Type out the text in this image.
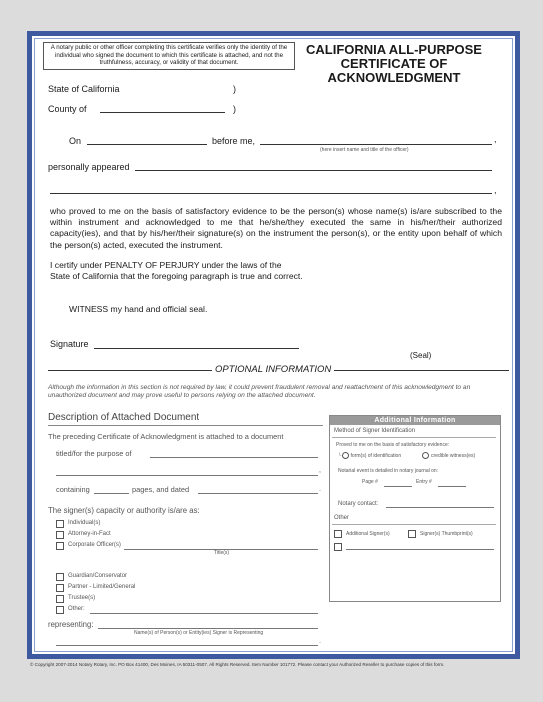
A notary public or other officer completing this certificate verifies only the identity of the individual who signed the document to which this certificate is attached, and not the truthfulness, accuracy, or validity of that document.
CALIFORNIA ALL-PURPOSE
CERTIFICATE OF
ACKNOWLEDGMENT
State of California	)
County of	)
On	before me,	,
(here insert name and title of the officer)
personally appeared
,
who proved to me on the basis of satisfactory evidence to be the person(s) whose name(s) is/are subscribed to the within instrument and acknowledged to me that he/she/they executed the same in his/her/their authorized capacity(ies), and that by his/her/their signature(s) on the instrument the person(s), or the entity upon behalf of which the person(s) acted, executed the instrument.
I certify under PENALTY OF PERJURY under the laws of the
State of California that the foregoing paragraph is true and correct.
WITNESS my hand and official seal.
Signature
(Seal)
OPTIONAL INFORMATION
Although the information in this section is not required by law, it could prevent fraudulent removal and reattachment of this acknowledgment to an unauthorized document and may prove useful to persons relying on the attached document.
Description of Attached Document
The preceding Certificate of Acknowledgment is attached to a document
titled/for the purpose of
,
containing	pages, and dated	.
The signer(s) capacity or authority is/are as:
Individual(s)
Attorney-in-Fact
Corporate Officer(s)
Title(s)
Guardian/Conservator
Partner - Limited/General
Trustee(s)
Other:
representing:
Name(s) of Person(s) or Entity(ies) Signer is Representing
.
Additional Information
Method of Signer Identification
Proved to me on the basis of satisfactory evidence:
└ form(s) of identification	credible witness(es)
Notarial event is detailed in notary journal on:
Page #	Entry #
Notary contact:
Other
Additional Signer(s)	Signer(s) Thumbprint(s)
© Copyright 2007-2014 Notary Rotary, Inc. PO Box 41400, Des Moines, IA 50311-0507. All Rights Reserved. Item Number 101772. Please contact your Authorized Reseller to purchase copies of this form.
